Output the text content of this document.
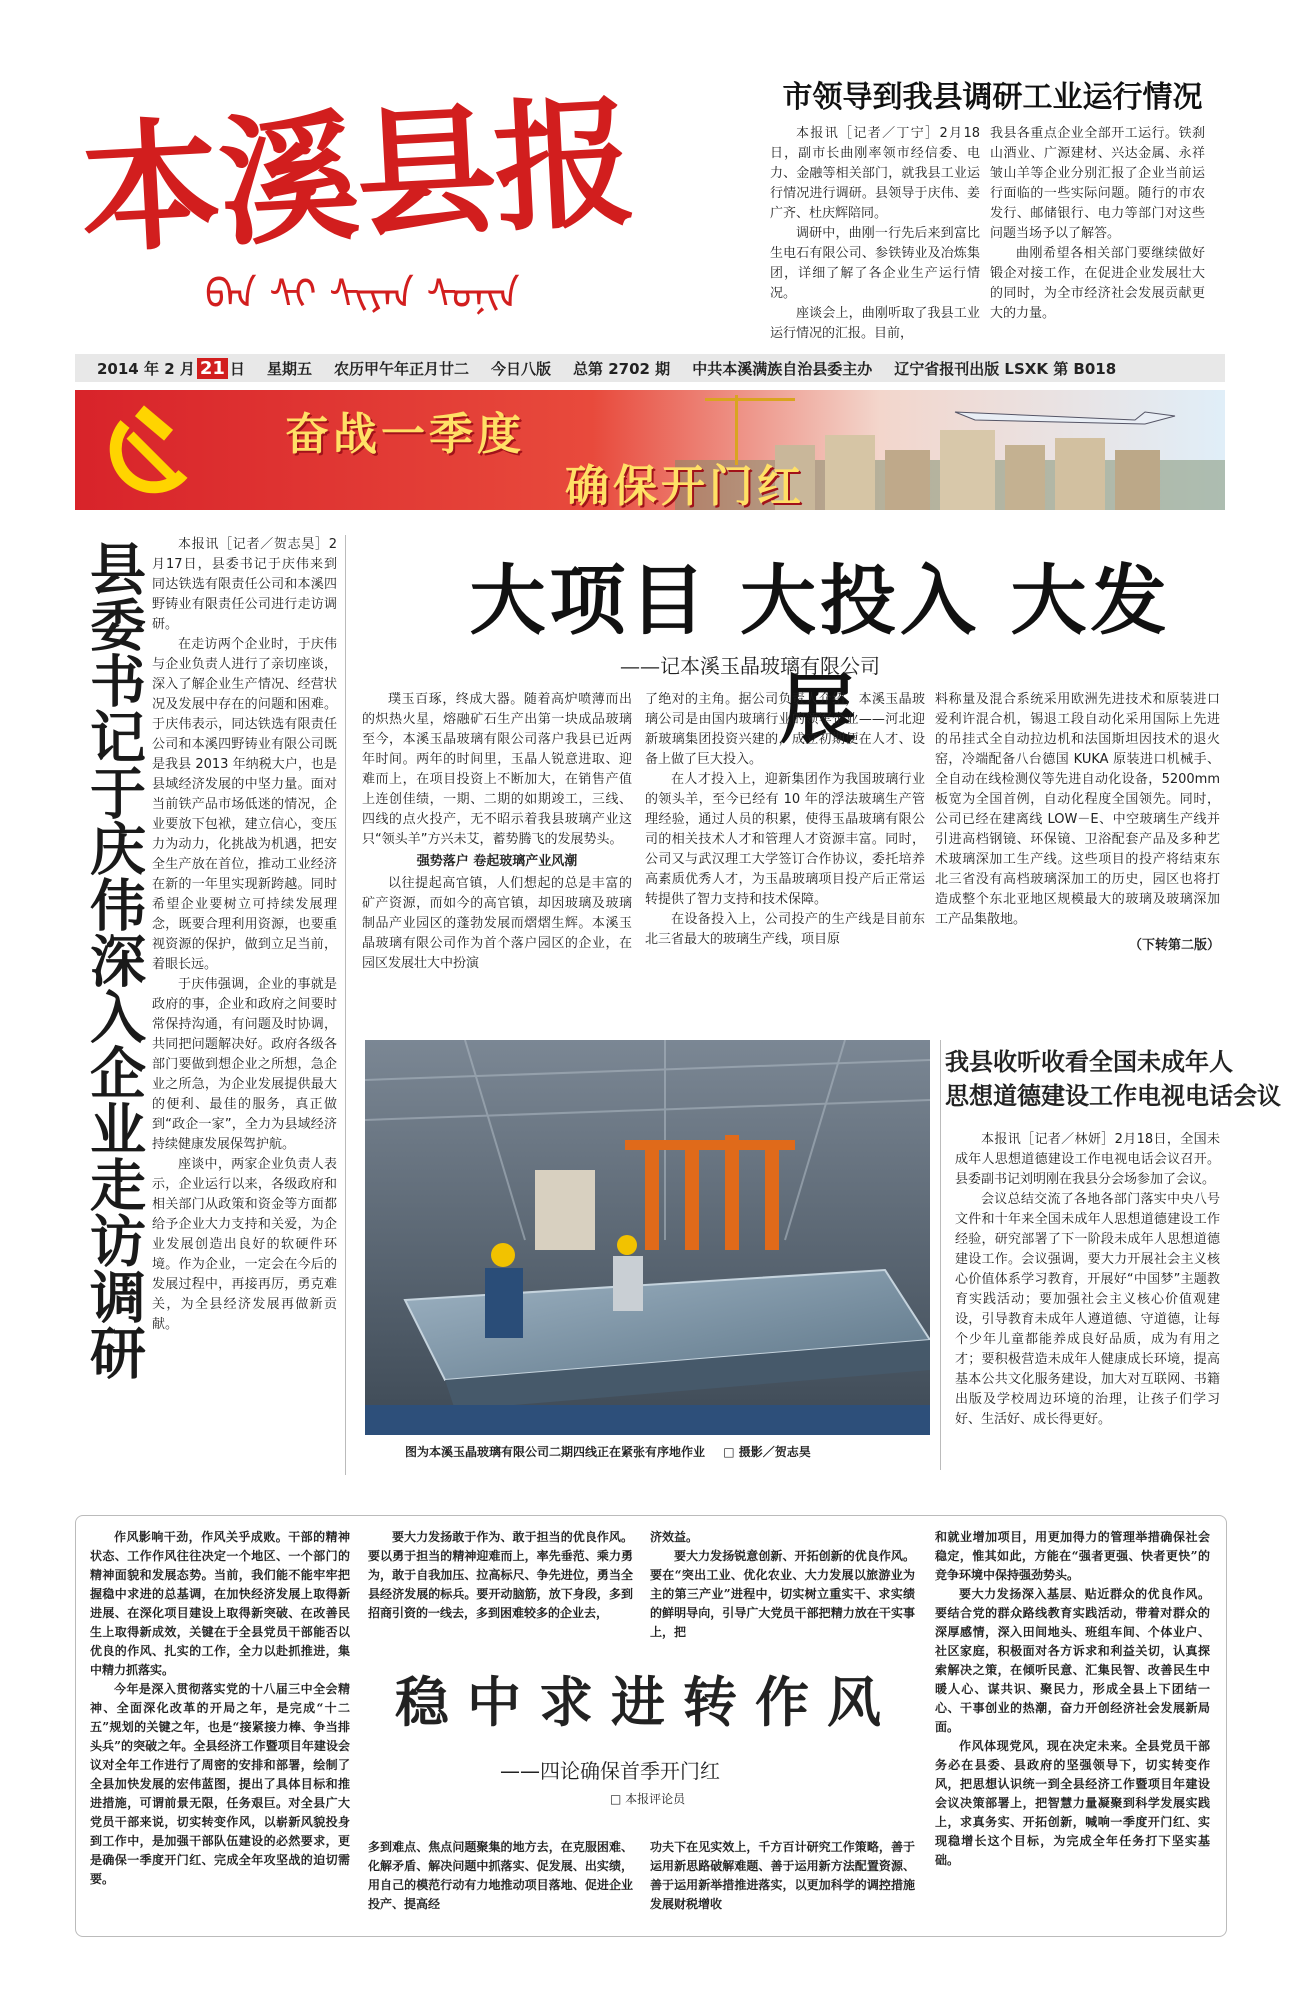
本溪县报
ᠪᠡᠨ ᠰᠢ ᠰᠢᠶᠠᠨ ᠰᠣᠨ᠋ᠢᠨ
市领导到我县调研工业运行情况

本报讯［记者／丁宁］2月18日，副市长曲刚率领市经信委、电力、金融等相关部门，就我县工业运行情况进行调研。县领导于庆伟、姜广齐、杜庆辉陪同。

调研中，曲刚一行先后来到富比生电石有限公司、参铁铸业及冶炼集团，详细了解了各企业生产运行情况。

座谈会上，曲刚听取了我县工业运行情况的汇报。目前，

我县各重点企业全部开工运行。铁刹山酒业、广源建材、兴达金属、永祥皱山羊等企业分别汇报了企业当前运行面临的一些实际问题。随行的市农发行、邮储银行、电力等部门对这些问题当场予以了解答。

曲刚希望各相关部门要继续做好锻企对接工作，在促进企业发展壮大的同时，为全市经济社会发展贡献更大的力量。

2014 年 2 月 21 日 星期五 农历甲午年正月廿二 今日八版 总第 2702 期 中共本溪满族自治县委主办 辽宁省报刊出版 LSXK 第 B018
奋战一季度
确保开门红
县委书记于庆伟深入企业走访调研	本报讯［记者／贺志昊］2月17日，县委书记于庆伟来到同达铁选有限责任公司和本溪四野铸业有限责任公司进行走访调研。

在走访两个企业时，于庆伟与企业负责人进行了亲切座谈，深入了解企业生产情况、经营状况及发展中存在的问题和困难。于庆伟表示，同达铁选有限责任公司和本溪四野铸业有限公司既是我县 2013 年纳税大户，也是县域经济发展的中坚力量。面对当前铁产品市场低迷的情况，企业要放下包袱，建立信心，变压力为动力，化挑战为机遇，把安全生产放在首位，推动工业经济在新的一年里实现新跨越。同时希望企业要树立可持续发展理念，既要合理利用资源，也要重视资源的保护，做到立足当前，着眼长远。

于庆伟强调，企业的事就是政府的事，企业和政府之间要时常保持沟通，有问题及时协调，共同把问题解决好。政府各级各部门要做到想企业之所想，急企业之所急，为企业发展提供最大的便利、最佳的服务，真正做到“政企一家”，全力为县域经济持续健康发展保驾护航。

座谈中，两家企业负责人表示，企业运行以来，各级政府和相关部门从政策和资金等方面都给予企业大力支持和关爱，为企业发展创造出良好的软硬件环境。作为企业，一定会在今后的发展过程中，再接再厉，勇克难关，为全县经济发展再做新贡献。

大项目 大投入 大发展
——记本溪玉晶玻璃有限公司

璞玉百琢，终成大器。随着高炉喷薄而出的炽热火星，熔融矿石生产出第一块成品玻璃至今，本溪玉晶玻璃有限公司落户我县已近两年时间。两年的时间里，玉晶人锐意进取、迎难而上，在项目投资上不断加大，在销售产值上连创佳绩，一期、二期的如期竣工，三线、四线的点火投产，无不昭示着我县玻璃产业这只“领头羊”方兴未艾，蓄势腾飞的发展势头。

强势落户 卷起玻璃产业风潮

以往提起高官镇，人们想起的总是丰富的矿产资源，而如今的高官镇，却因玻璃及玻璃制品产业园区的蓬勃发展而熠熠生辉。本溪玉晶玻璃有限公司作为首个落户园区的企业，在园区发展壮大中扮演

了绝对的主角。据公司负责人介绍，本溪玉晶玻璃公司是由国内玻璃行业的领军企业——河北迎新玻璃集团投资兴建的，成立初期便在人才、设备上做了巨大投入。

在人才投入上，迎新集团作为我国玻璃行业的领头羊，至今已经有 10 年的浮法玻璃生产管理经验，通过人员的积累，使得玉晶玻璃有限公司的相关技术人才和管理人才资源丰富。同时，公司又与武汉理工大学签订合作协议，委托培养高素质优秀人才，为玉晶玻璃项目投产后正常运转提供了智力支持和技术保障。

在设备投入上，公司投产的生产线是目前东北三省最大的玻璃生产线，项目原

料称量及混合系统采用欧洲先进技术和原装进口爱利许混合机，锡退工段自动化采用国际上先进的吊挂式全自动拉边机和法国斯坦因技术的退火窑，冷端配备八台德国 KUKA 原装进口机械手、全自动在线检测仪等先进自动化设备，5200mm 板宽为全国首例，自动化程度全国领先。同时，公司已经在建离线 LOW－E、中空玻璃生产线并引进高档钢镜、环保镜、卫浴配套产品及多种艺术玻璃深加工生产线。这些项目的投产将结束东北三省没有高档玻璃深加工的历史，园区也将打造成整个东北亚地区规模最大的玻璃及玻璃深加工产品集散地。

（下转第二版）
图为本溪玉晶玻璃有限公司二期四线正在紧张有序地作业 □ 摄影／贺志昊
我县收听收看全国未成年人
思想道德建设工作电视电话会议

本报讯［记者／林妍］2月18日，全国未成年人思想道德建设工作电视电话会议召开。县委副书记刘明刚在我县分会场参加了会议。

会议总结交流了各地各部门落实中央八号文件和十年来全国未成年人思想道德建设工作经验，研究部署了下一阶段未成年人思想道德建设工作。会议强调，要大力开展社会主义核心价值体系学习教育，开展好“中国梦”主题教育实践活动；要加强社会主义核心价值观建设，引导教育未成年人遵道德、守道德，让每个少年儿童都能养成良好品质，成为有用之才；要积极营造未成年人健康成长环境，提高基本公共文化服务建设，加大对互联网、书籍出版及学校周边环境的治理，让孩子们学习好、生活好、成长得更好。

作风影响干劲，作风关乎成败。干部的精神状态、工作作风往往决定一个地区、一个部门的精神面貌和发展态势。当前，我们能不能牢牢把握稳中求进的总基调，在加快经济发展上取得新进展、在深化项目建设上取得新突破、在改善民生上取得新成效，关键在于全县党员干部能否以优良的作风、扎实的工作，全力以赴抓推进，集中精力抓落实。

今年是深入贯彻落实党的十八届三中全会精神、全面深化改革的开局之年，是完成“十二五”规划的关键之年，也是“接紧接力棒、争当排头兵”的突破之年。全县经济工作暨项目年建设会议对全年工作进行了周密的安排和部署，绘制了全县加快发展的宏伟蓝图，提出了具体目标和推进措施，可谓前景无限，任务艰巨。对全县广大党员干部来说，切实转变作风，以崭新风貌投身到工作中，是加强干部队伍建设的必然要求，更是确保一季度开门红、完成全年攻坚战的迫切需要。

要大力发扬敢于作为、敢于担当的优良作风。要以勇于担当的精神迎难而上，率先垂范、乘力勇为，敢于自我加压、拉高标尺、争先进位，勇当全县经济发展的标兵。要开动脑筋，放下身段，多到招商引资的一线去，多到困难较多的企业去，

济效益。

要大力发扬锐意创新、开拓创新的优良作风。要在“突出工业、优化农业、大力发展以旅游业为主的第三产业”进程中，切实树立重实干、求实绩的鲜明导向，引导广大党员干部把精力放在干实事上，把

稳中求进转作风
——四论确保首季开门红
□ 本报评论员

多到难点、焦点问题聚集的地方去，在克服困难、化解矛盾、解决问题中抓落实、促发展、出实绩，用自己的模范行动有力地推动项目落地、促进企业投产、提高经

功夫下在见实效上，千方百计研究工作策略，善于运用新思路破解难题、善于运用新方法配置资源、善于运用新举措推进落实，以更加科学的调控措施发展财税增收

和就业增加项目，用更加得力的管理举措确保社会稳定，惟其如此，方能在“强者更强、快者更快”的竞争环境中保持强劲势头。

要大力发扬深入基层、贴近群众的优良作风。要结合党的群众路线教育实践活动，带着对群众的深厚感情，深入田间地头、班组车间、个体业户、社区家庭，积极面对各方诉求和利益关切，认真探索解决之策，在倾听民意、汇集民智、改善民生中暖人心、谋共识、聚民力，形成全县上下团结一心、干事创业的热潮，奋力开创经济社会发展新局面。

作风体现党风，现在决定未来。全县党员干部务必在县委、县政府的坚强领导下，切实转变作风，把思想认识统一到全县经济工作暨项目年建设会议决策部署上，把智慧力量凝聚到科学发展实践上，求真务实、开拓创新，喊响一季度开门红、实现稳增长这个目标，为完成全年任务打下坚实基础。
